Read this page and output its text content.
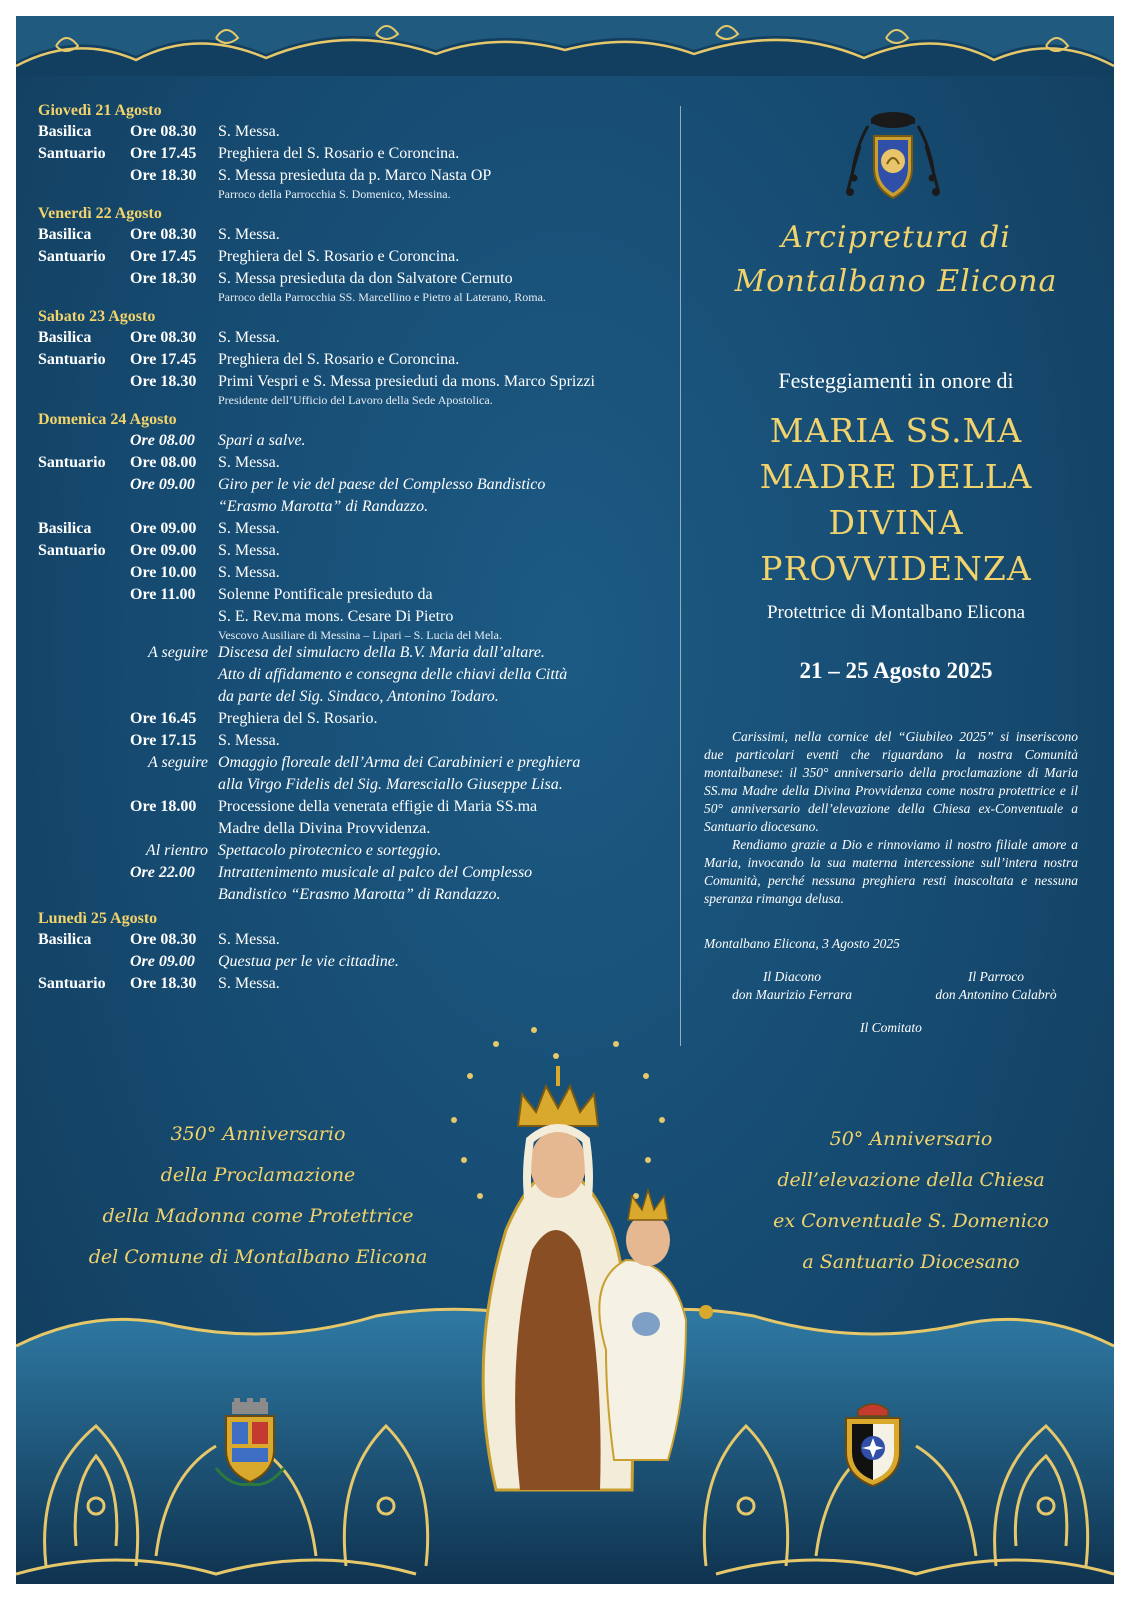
Giovedì 21 Agosto
Basilica	Ore 08.30	S. Messa.
Santuario	Ore 17.45	Preghiera del S. Rosario e Coroncina.
Ore 18.30	S. Messa presieduta da p. Marco Nasta OP
Parroco della Parrocchia S. Domenico, Messina.
Venerdì 22 Agosto
Basilica	Ore 08.30	S. Messa.
Santuario	Ore 17.45	Preghiera del S. Rosario e Coroncina.
Ore 18.30	S. Messa presieduta da don Salvatore Cernuto
Parroco della Parrocchia SS. Marcellino e Pietro al Laterano, Roma.
Sabato 23 Agosto
Basilica	Ore 08.30	S. Messa.
Santuario	Ore 17.45	Preghiera del S. Rosario e Coroncina.
Ore 18.30	Primi Vespri e S. Messa presieduti da mons. Marco Sprizzi
Presidente dell’Ufficio del Lavoro della Sede Apostolica.
Domenica 24 Agosto
Ore 08.00	Spari a salve.
Santuario	Ore 08.00	S. Messa.
Ore 09.00	Giro per le vie del paese del Complesso Bandistico
“Erasmo Marotta” di Randazzo.
Basilica	Ore 09.00	S. Messa.
Santuario	Ore 09.00	S. Messa.
Ore 10.00	S. Messa.
Ore 11.00	Solenne Pontificale presieduto da
S. E. Rev.ma mons. Cesare Di Pietro
Vescovo Ausiliare di Messina – Lipari – S. Lucia del Mela.
A seguire Discesa del simulacro della B.V. Maria dall’altare.
Atto di affidamento e consegna delle chiavi della Città
da parte del Sig. Sindaco, Antonino Todaro.
Ore 16.45	Preghiera del S. Rosario.
Ore 17.15	S. Messa.
A seguire Omaggio floreale dell’Arma dei Carabinieri e preghiera
alla Virgo Fidelis del Sig. Maresciallo Giuseppe Lisa.
Ore 18.00	Processione della venerata effigie di Maria SS.ma
Madre della Divina Provvidenza.
Al rientro Spettacolo pirotecnico e sorteggio.
Ore 22.00	Intrattenimento musicale al palco del Complesso
Bandistico “Erasmo Marotta” di Randazzo.
Lunedì 25 Agosto
Basilica	Ore 08.30	S. Messa.
Ore 09.00	Questua per le vie cittadine.
Santuario	Ore 18.30	S. Messa.
Arcipretura di
Montalbano Elicona
Festeggiamenti in onore di
MARIA SS.MA
MADRE DELLA
DIVINA
PROVVIDENZA
Protettrice di Montalbano Elicona
21 – 25 Agosto 2025

Carissimi, nella cornice del “Giubileo 2025” si inseriscono due particolari eventi che riguardano la nostra Comunità montalbanese: il 350° anniversario della proclamazione di Maria SS.ma Madre della Divina Provvidenza come nostra protettrice e il 50° anniversario dell’elevazione della Chiesa ex-Conventuale a Santuario diocesano.

Rendiamo grazie a Dio e rinnoviamo il nostro filiale amore a Maria, invocando la sua materna intercessione sull’intera nostra Comunità, perché nessuna preghiera resti inascoltata e nessuna speranza rimanga delusa.

Montalbano Elicona, 3 Agosto 2025
Il Diacono
don Maurizio Ferrara
Il Parroco
don Antonino Calabrò
Il Comitato
350° Anniversario
della Proclamazione
della Madonna come Protettrice
del Comune di Montalbano Elicona
50° Anniversario
dell’elevazione della Chiesa
ex Conventuale S. Domenico
a Santuario Diocesano
